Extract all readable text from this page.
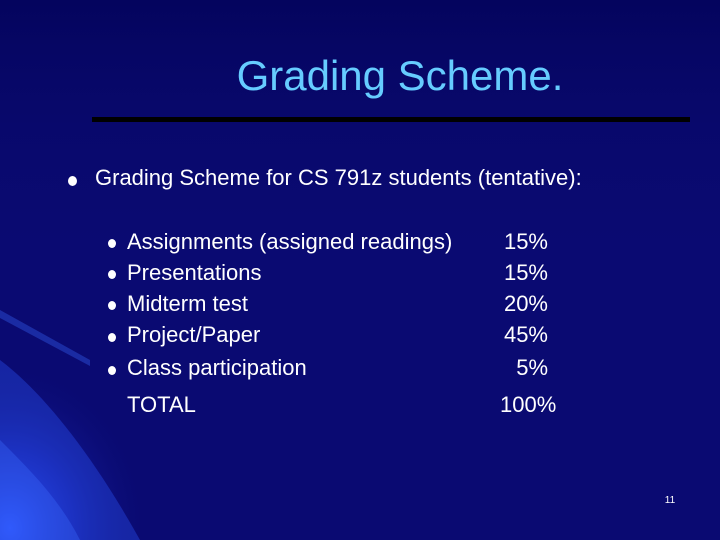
Grading Scheme.
Grading Scheme for CS 791z students (tentative):
Assignments (assigned readings) 15%
Presentations	15%
Midterm test	20%
Project/Paper	45%
Class participation	5%
TOTAL	100%
11
